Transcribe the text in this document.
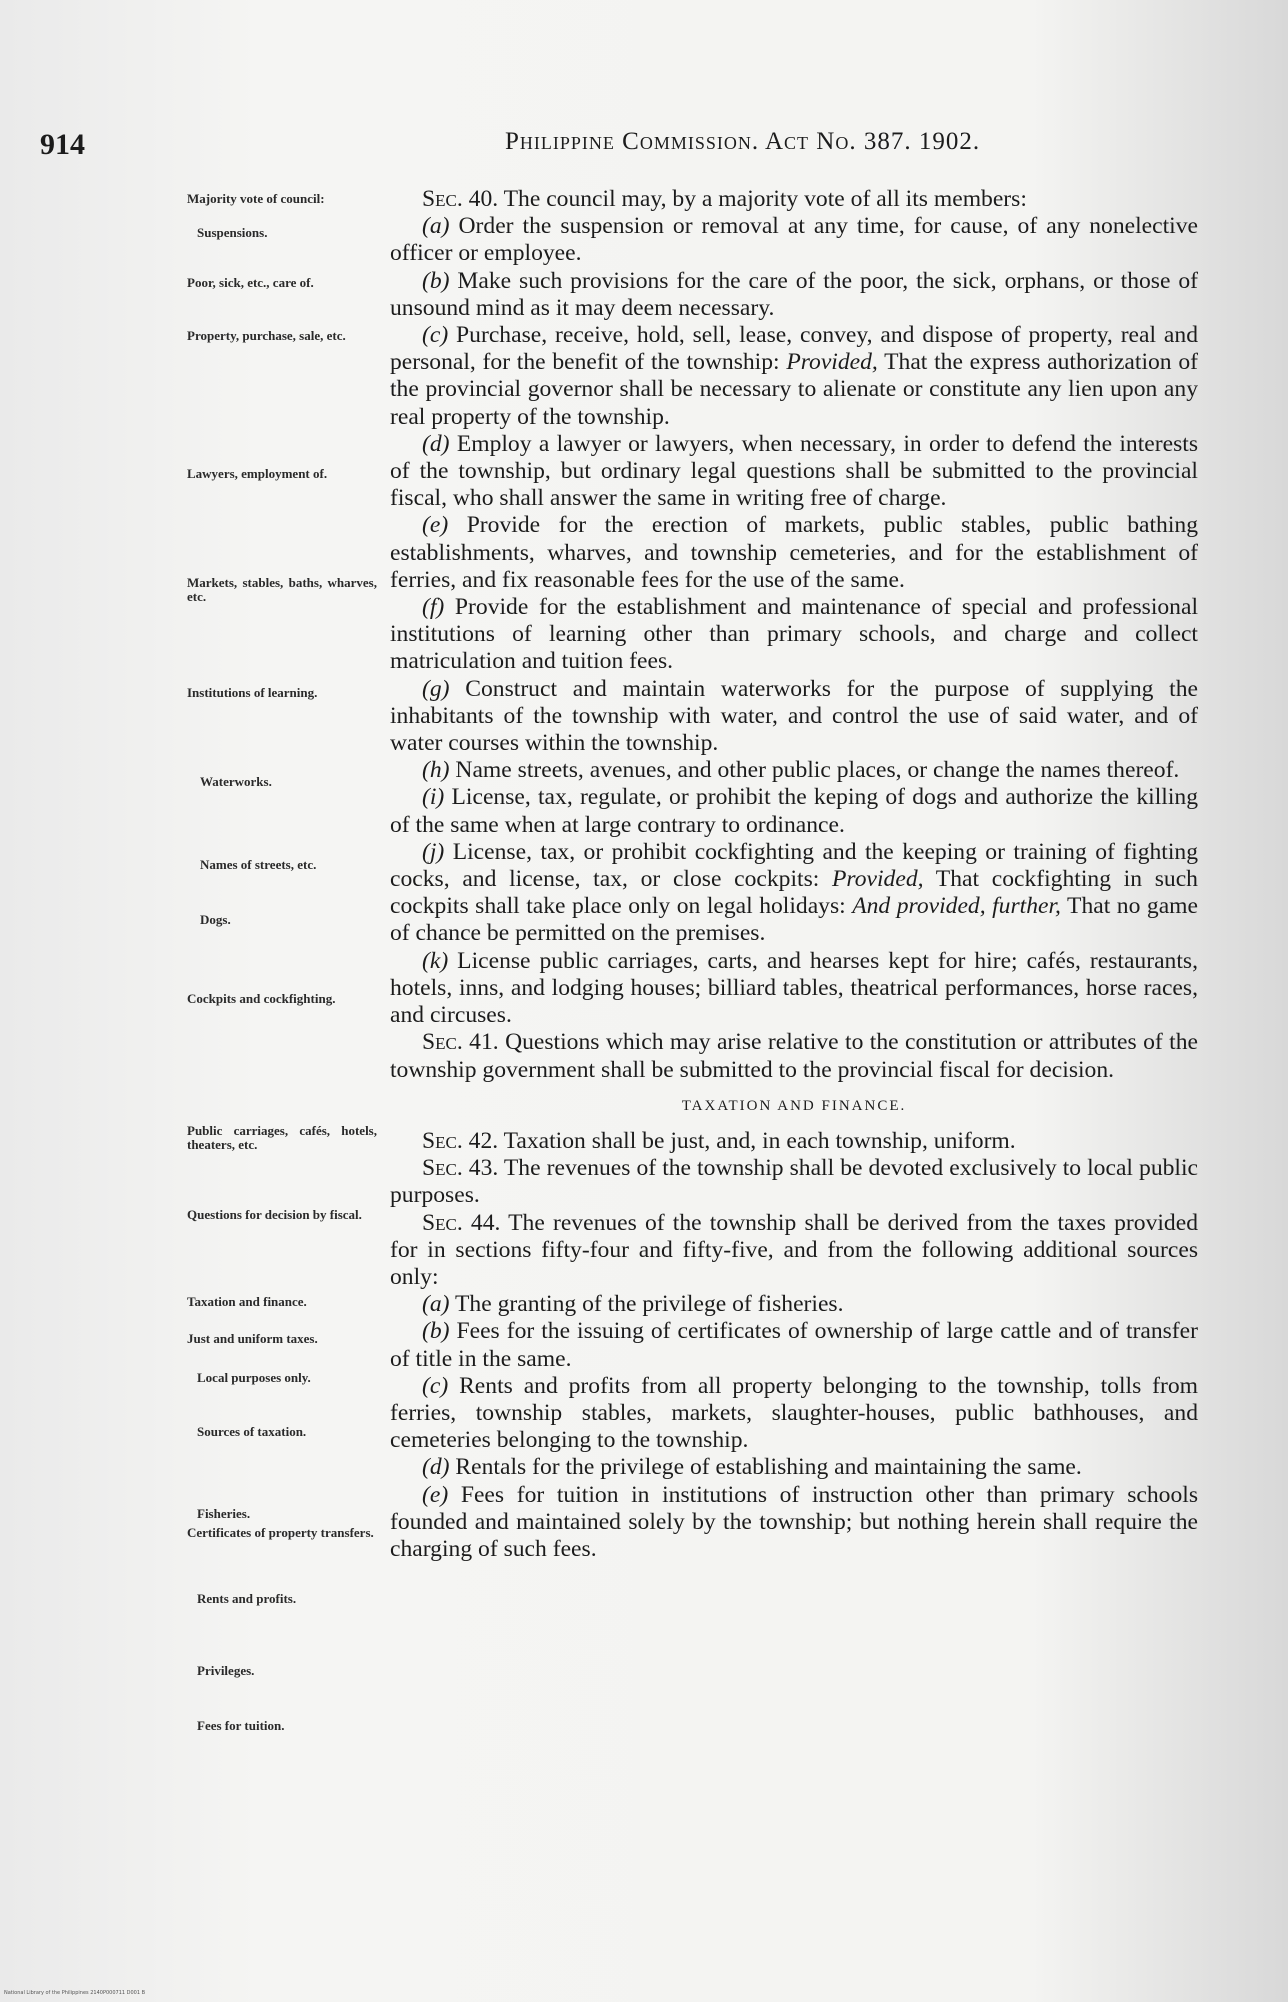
914	Philippine Commission. Act No. 387. 1902.
Majority vote of council:
Suspensions.
Poor, sick, etc., care of.
Property, purchase, sale, etc.
Lawyers, employment of.
Markets, stables, baths, wharves, etc.
Institutions of learning.
Waterworks.
Names of streets, etc.
Dogs.
Cockpits and cockfighting.
Public carriages, cafés, hotels, theaters, etc.
Questions for decision by fiscal.
Taxation and finance.
Just and uniform taxes.
Local purposes only.
Sources of taxation.
Fisheries.
Certificates of property transfers.
Rents and profits.
Privileges.
Fees for tuition.

Sec. 40. The council may, by a majority vote of all its members:

(a) Order the suspension or removal at any time, for cause, of any nonelective officer or employee.

(b) Make such provisions for the care of the poor, the sick, orphans, or those of unsound mind as it may deem necessary.

(c) Purchase, receive, hold, sell, lease, convey, and dispose of property, real and personal, for the benefit of the township: Provided, That the express authorization of the provincial governor shall be necessary to alienate or constitute any lien upon any real property of the township.

(d) Employ a lawyer or lawyers, when necessary, in order to defend the interests of the township, but ordinary legal questions shall be submitted to the provincial fiscal, who shall answer the same in writing free of charge.

(e) Provide for the erection of markets, public stables, public bathing establishments, wharves, and township cemeteries, and for the establishment of ferries, and fix reasonable fees for the use of the same.

(f) Provide for the establishment and maintenance of special and professional institutions of learning other than primary schools, and charge and collect matriculation and tuition fees.

(g) Construct and maintain waterworks for the purpose of supplying the inhabitants of the township with water, and control the use of said water, and of water courses within the township.

(h) Name streets, avenues, and other public places, or change the names thereof.

(i) License, tax, regulate, or prohibit the keping of dogs and authorize the killing of the same when at large contrary to ordinance.

(j) License, tax, or prohibit cockfighting and the keeping or training of fighting cocks, and license, tax, or close cockpits: Provided, That cockfighting in such cockpits shall take place only on legal holidays: And provided, further, That no game of chance be permitted on the premises.

(k) License public carriages, carts, and hearses kept for hire; cafés, restaurants, hotels, inns, and lodging houses; billiard tables, theatrical performances, horse races, and circuses.

Sec. 41. Questions which may arise relative to the constitution or attributes of the township government shall be submitted to the provincial fiscal for decision.

TAXATION AND FINANCE.

Sec. 42. Taxation shall be just, and, in each township, uniform.

Sec. 43. The revenues of the township shall be devoted exclusively to local public purposes.

Sec. 44. The revenues of the township shall be derived from the taxes provided for in sections fifty-four and fifty-five, and from the following additional sources only:

(a) The granting of the privilege of fisheries.

(b) Fees for the issuing of certificates of ownership of large cattle and of transfer of title in the same.

(c) Rents and profits from all property belonging to the township, tolls from ferries, township stables, markets, slaughter-houses, public bathhouses, and cemeteries belonging to the township.

(d) Rentals for the privilege of establishing and maintaining the same.

(e) Fees for tuition in institutions of instruction other than primary schools founded and maintained solely by the township; but nothing herein shall require the charging of such fees.

National Library of the Philippines 2140P000711 D001 B
